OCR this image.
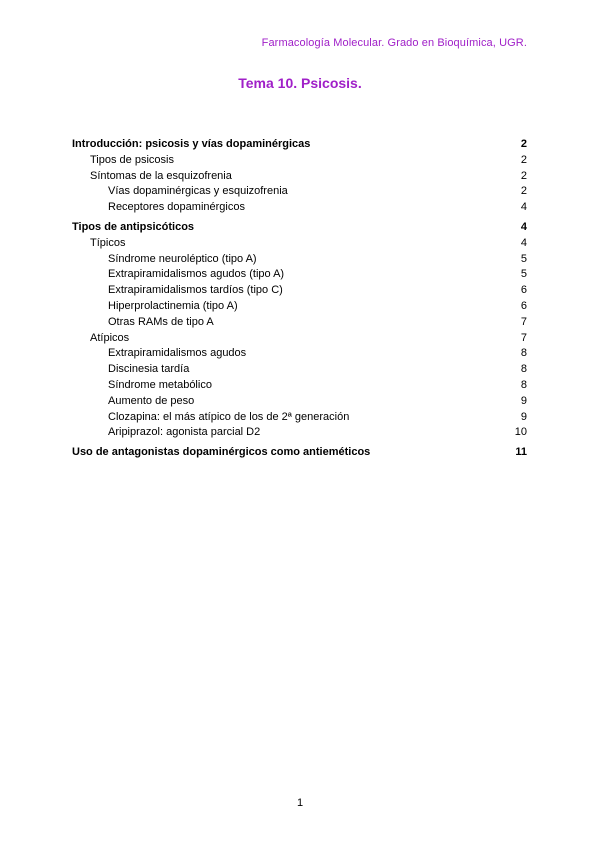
Farmacología Molecular. Grado en Bioquímica, UGR.
Tema 10. Psicosis.
Introducción: psicosis y vías dopaminérgicas	2
Tipos de psicosis	2
Síntomas de la esquizofrenia	2
Vías dopaminérgicas y esquizofrenia	2
Receptores dopaminérgicos	4
Tipos de antipsicóticos	4
Típicos	4
Síndrome neuroléptico (tipo A)	5
Extrapiramidalismos agudos (tipo A)	5
Extrapiramidalismos tardíos (tipo C)	6
Hiperprolactinemia (tipo A)	6
Otras RAMs de tipo A	7
Atípicos	7
Extrapiramidalismos agudos	8
Discinesia tardía	8
Síndrome metabólico	8
Aumento de peso	9
Clozapina: el más atípico de los de 2ª generación	9
Aripiprazol: agonista parcial D2	10
Uso de antagonistas dopaminérgicos como antieméticos	11
1
